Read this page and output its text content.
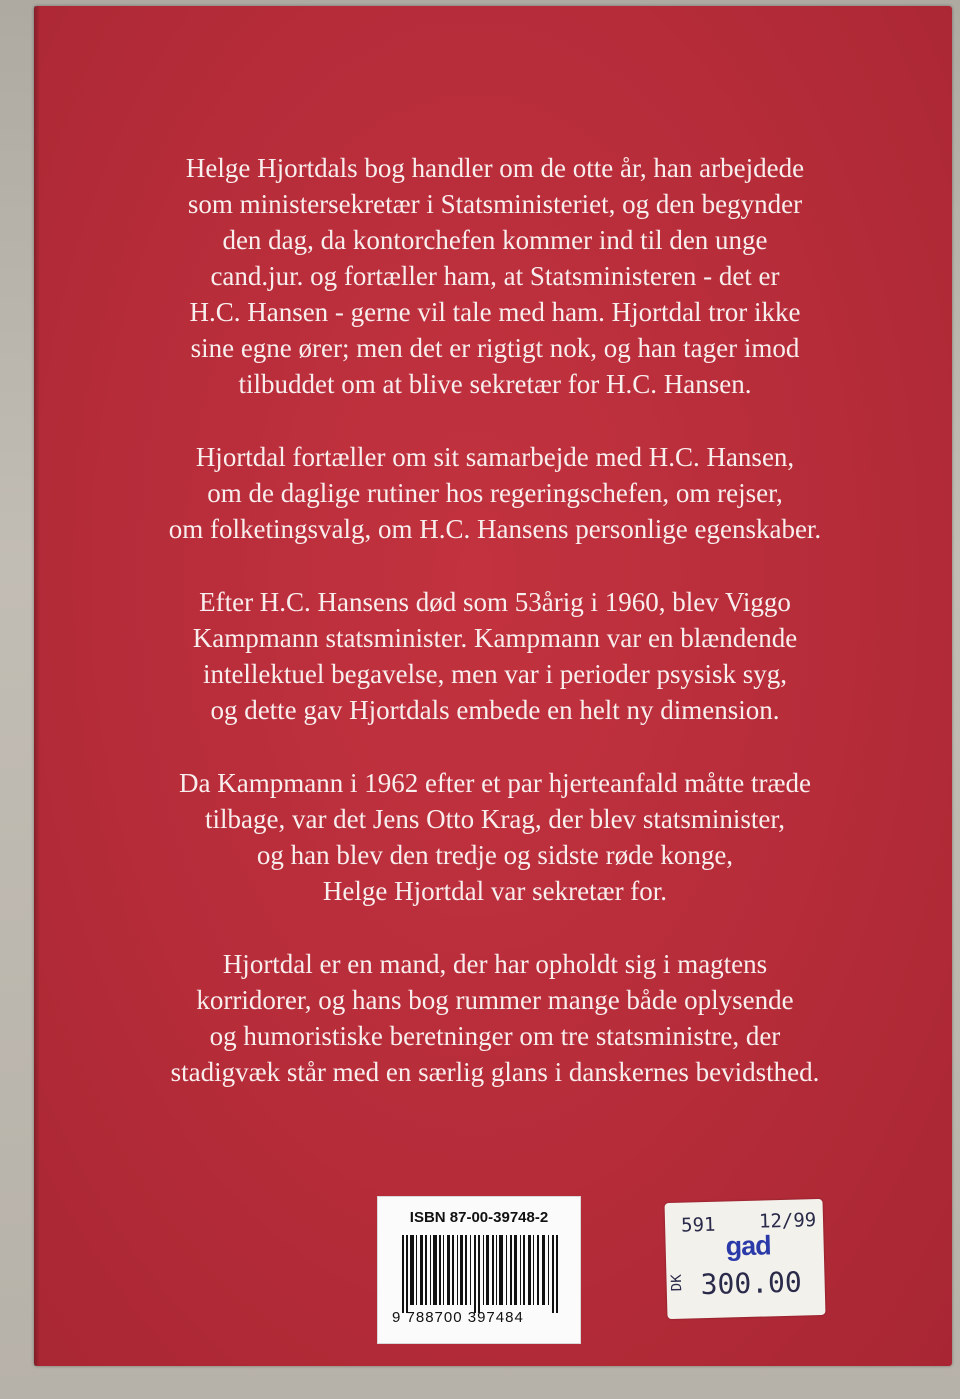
Helge Hjortdals bog handler om de otte år, han arbejdede
som ministersekretær i Statsministeriet, og den begynder
den dag, da kontorchefen kommer ind til den unge
cand.jur. og fortæller ham, at Statsministeren - det er
H.C. Hansen - gerne vil tale med ham. Hjortdal tror ikke
sine egne ører; men det er rigtigt nok, og han tager imod
tilbuddet om at blive sekretær for H.C. Hansen.

Hjortdal fortæller om sit samarbejde med H.C. Hansen,
om de daglige rutiner hos regeringschefen, om rejser,
om folketingsvalg, om H.C. Hansens personlige egenskaber.

Efter H.C. Hansens død som 53årig i 1960, blev Viggo
Kampmann statsminister. Kampmann var en blændende
intellektuel begavelse, men var i perioder psysisk syg,
og dette gav Hjortdals embede en helt ny dimension.

Da Kampmann i 1962 efter et par hjerteanfald måtte træde
tilbage, var det Jens Otto Krag, der blev statsminister,
og han blev den tredje og sidste røde konge,
Helge Hjortdal var sekretær for.

Hjortdal er en mand, der har opholdt sig i magtens
korridorer, og hans bog rummer mange både oplysende
og humoristiske beretninger om tre statsministre, der
stadigvæk står med en særlig glans i danskernes bevidsthed.

ISBN 87-00-39748-2
9 788700 397484
591 12/99
gad
DK 300.00
